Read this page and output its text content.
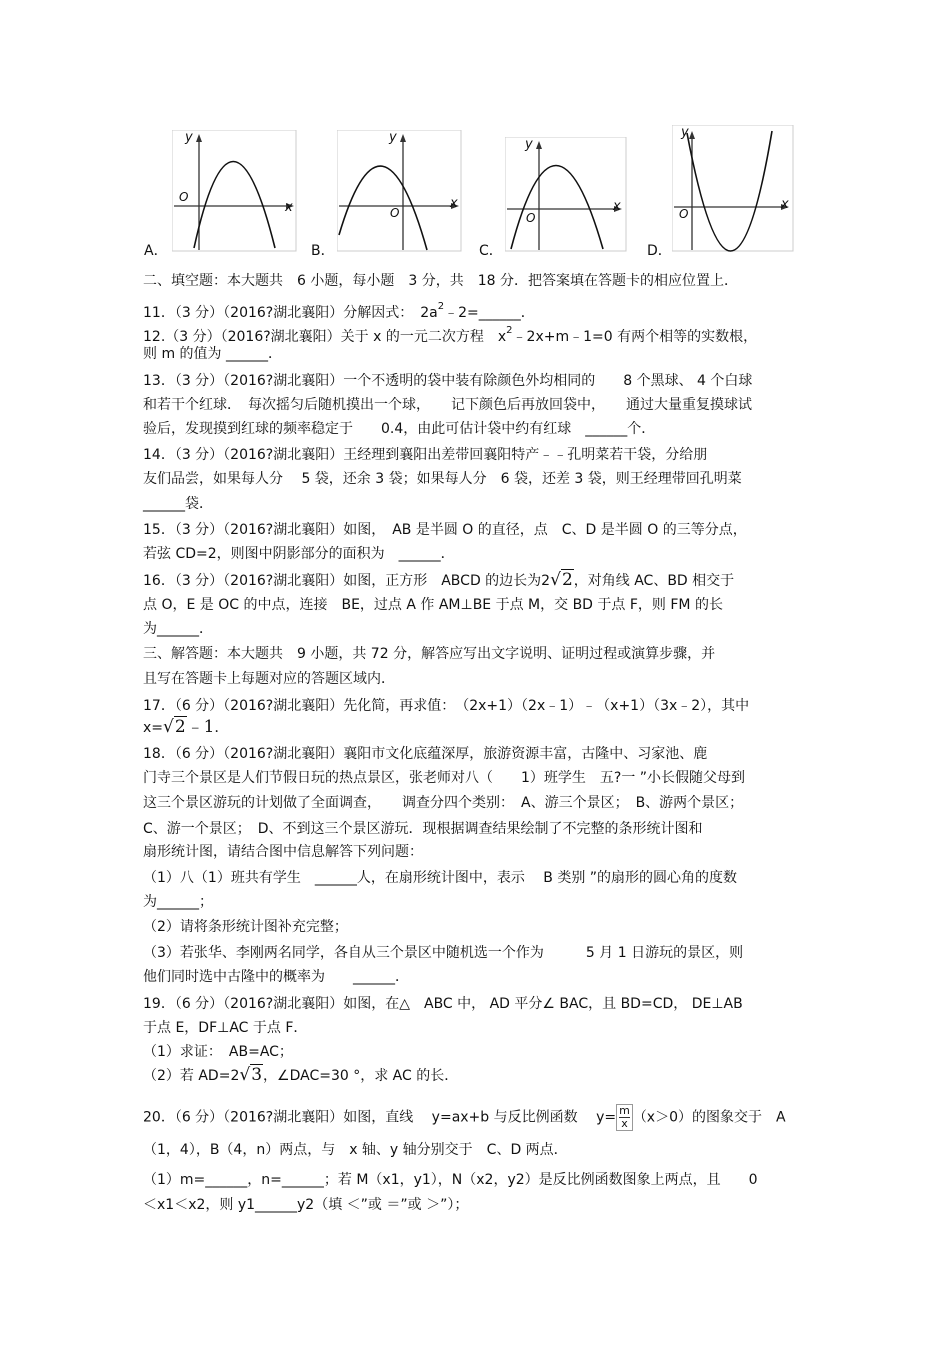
y
x
O
A．
y
x
O
B．
y
x
O
C．
y
x
O
D．
二、填空题：本大题共　6 小题，每小题　3 分，共　18 分．把答案填在答题卡的相应位置上．
11．（3 分）（2016?湖北襄阳）分解因式：　$2a^2﹣2=\_\_\_\_\_\_$．
12.（3 分）（2016?湖北襄阳）关于 x 的一元二次方程　$x^2﹣2x+m﹣1=0$ 有两个相等的实数根，
则 m 的值为 ______．
13．（3 分）（2016?湖北襄阳）一个不透明的袋中装有除颜色外均相同的　　8 个黑球、 4 个白球
和若干个红球．　每次摇匀后随机摸出一个球，　　记下颜色后再放回袋中，　　通过大量重复摸球试
验后，发现摸到红球的频率稳定于　　0.4，由此可估计袋中约有红球　______个．
14．（3 分）（2016?湖北襄阳）王经理到襄阳出差带回襄阳特产﹣﹣孔明菜若干袋，分给朋
友们品尝，如果每人分　 5 袋，还余 3 袋；如果每人分　6 袋，还差 3 袋，则王经理带回孔明菜
______袋．
15．（3 分）（2016?湖北襄阳）如图，　AB 是半圆 O 的直径，点　C、D 是半圆 O 的三等分点，
若弦 CD=2，则图中阴影部分的面积为　______．
16．（3 分）（2016?湖北襄阳）如图，正方形　ABCD 的边长为2√2，对角线 AC、BD 相交于
点 O，E 是 OC 的中点，连接　BE，过点 A 作 AM⊥BE 于点 M，交 BD 于点 F，则 FM 的长
为______．
三、解答题：本大题共　9 小题，共 72 分，解答应写出文字说明、证明过程或演算步骤，并
且写在答题卡上每题对应的答题区域内．
17．（6 分）（2016?湖北襄阳）先化简，再求值：　（2x+1）（2x﹣1）﹣（x+1）（3x﹣2），其中
x=√2﹣1．
18．（6 分）（2016?湖北襄阳）襄阳市文化底蕴深厚，旅游资源丰富，古隆中、习家池、鹿
门寺三个景区是人们节假日玩的热点景区，张老师对八（　　1）班学生　五?一 ”小长假随父母到
这三个景区游玩的计划做了全面调查，　　调查分四个类别：　A、游三个景区；　B、游两个景区；
C、游一个景区；　D、不到这三个景区游玩．现根据调查结果绘制了不完整的条形统计图和
扇形统计图，请结合图中信息解答下列问题：
（1）八（1）班共有学生　______人，在扇形统计图中，表示　 B 类别 ”的扇形的圆心角的度数
为______；
（2）请将条形统计图补充完整；
（3）若张华、李刚两名同学，各自从三个景区中随机选一个作为　　　5 月 1 日游玩的景区，则
他们同时选中古隆中的概率为　　______．
19．（6 分）（2016?湖北襄阳）如图，在△　ABC 中， AD 平分∠ BAC，且 BD=CD， DE⊥AB
于点 E，DF⊥AC 于点 F．
（1）求证：　AB=AC；
（2）若 AD=2√3，∠DAC=30 °，求 AC 的长．
20．（6 分）（2016?湖北襄阳）如图，直线　 y=ax+b 与反比例函数　 $y= \frac{m}{x} (x>0)$的图象交于　A
（1，4），B（4，n）两点，与　x 轴、y 轴分别交于　C、D 两点．
（1）m=______，n=______；若 M（x1，y1），N（x2，y2）是反比例函数图象上两点，且　　0
＜x1＜x2，则 y1______y2（填 ＜”或 ＝”或 ＞”）；
